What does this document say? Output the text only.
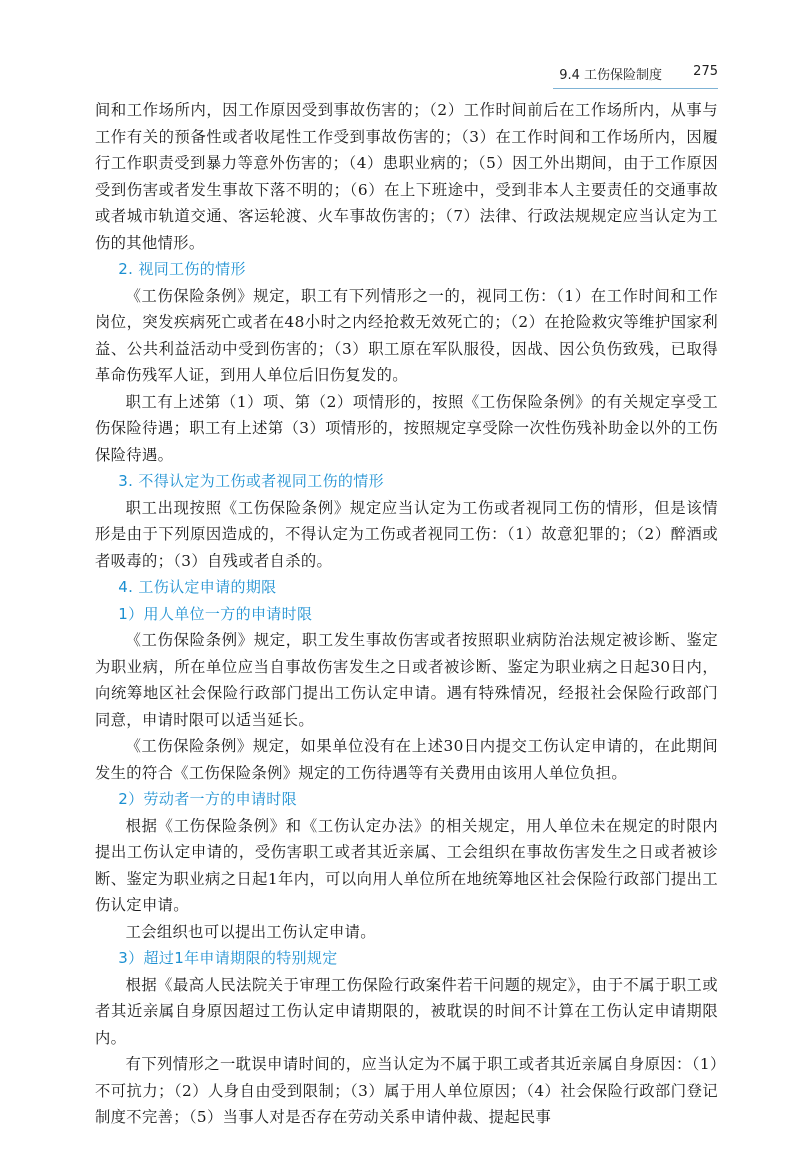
9.4 工伤保险制度 275

间和工作场所内，因工作原因受到事故伤害的；（2）工作时间前后在工作场所内，从事与工作有关的预备性或者收尾性工作受到事故伤害的；（3）在工作时间和工作场所内，因履行工作职责受到暴力等意外伤害的；（4）患职业病的；（5）因工外出期间，由于工作原因受到伤害或者发生事故下落不明的；（6）在上下班途中，受到非本人主要责任的交通事故或者城市轨道交通、客运轮渡、火车事故伤害的；（7）法律、行政法规规定应当认定为工伤的其他情形。

2. 视同工伤的情形

《工伤保险条例》规定，职工有下列情形之一的，视同工伤：（1）在工作时间和工作岗位，突发疾病死亡或者在48小时之内经抢救无效死亡的；（2）在抢险救灾等维护国家利益、公共利益活动中受到伤害的；（3）职工原在军队服役，因战、因公负伤致残，已取得革命伤残军人证，到用人单位后旧伤复发的。

职工有上述第（1）项、第（2）项情形的，按照《工伤保险条例》的有关规定享受工伤保险待遇；职工有上述第（3）项情形的，按照规定享受除一次性伤残补助金以外的工伤保险待遇。

3. 不得认定为工伤或者视同工伤的情形

职工出现按照《工伤保险条例》规定应当认定为工伤或者视同工伤的情形，但是该情形是由于下列原因造成的，不得认定为工伤或者视同工伤：（1）故意犯罪的；（2）醉酒或者吸毒的；（3）自残或者自杀的。

4. 工伤认定申请的期限
1）用人单位一方的申请时限

《工伤保险条例》规定，职工发生事故伤害或者按照职业病防治法规定被诊断、鉴定为职业病，所在单位应当自事故伤害发生之日或者被诊断、鉴定为职业病之日起30日内，向统筹地区社会保险行政部门提出工伤认定申请。遇有特殊情况，经报社会保险行政部门同意，申请时限可以适当延长。

《工伤保险条例》规定，如果单位没有在上述30日内提交工伤认定申请的，在此期间发生的符合《工伤保险条例》规定的工伤待遇等有关费用由该用人单位负担。

2）劳动者一方的申请时限

根据《工伤保险条例》和《工伤认定办法》的相关规定，用人单位未在规定的时限内提出工伤认定申请的，受伤害职工或者其近亲属、工会组织在事故伤害发生之日或者被诊断、鉴定为职业病之日起1年内，可以向用人单位所在地统筹地区社会保险行政部门提出工伤认定申请。

工会组织也可以提出工伤认定申请。

3）超过1年申请期限的特别规定

根据《最高人民法院关于审理工伤保险行政案件若干问题的规定》，由于不属于职工或者其近亲属自身原因超过工伤认定申请期限的，被耽误的时间不计算在工伤认定申请期限内。

有下列情形之一耽误申请时间的，应当认定为不属于职工或者其近亲属自身原因：（1）不可抗力；（2）人身自由受到限制；（3）属于用人单位原因；（4）社会保险行政部门登记制度不完善；（5）当事人对是否存在劳动关系申请仲裁、提起民事
